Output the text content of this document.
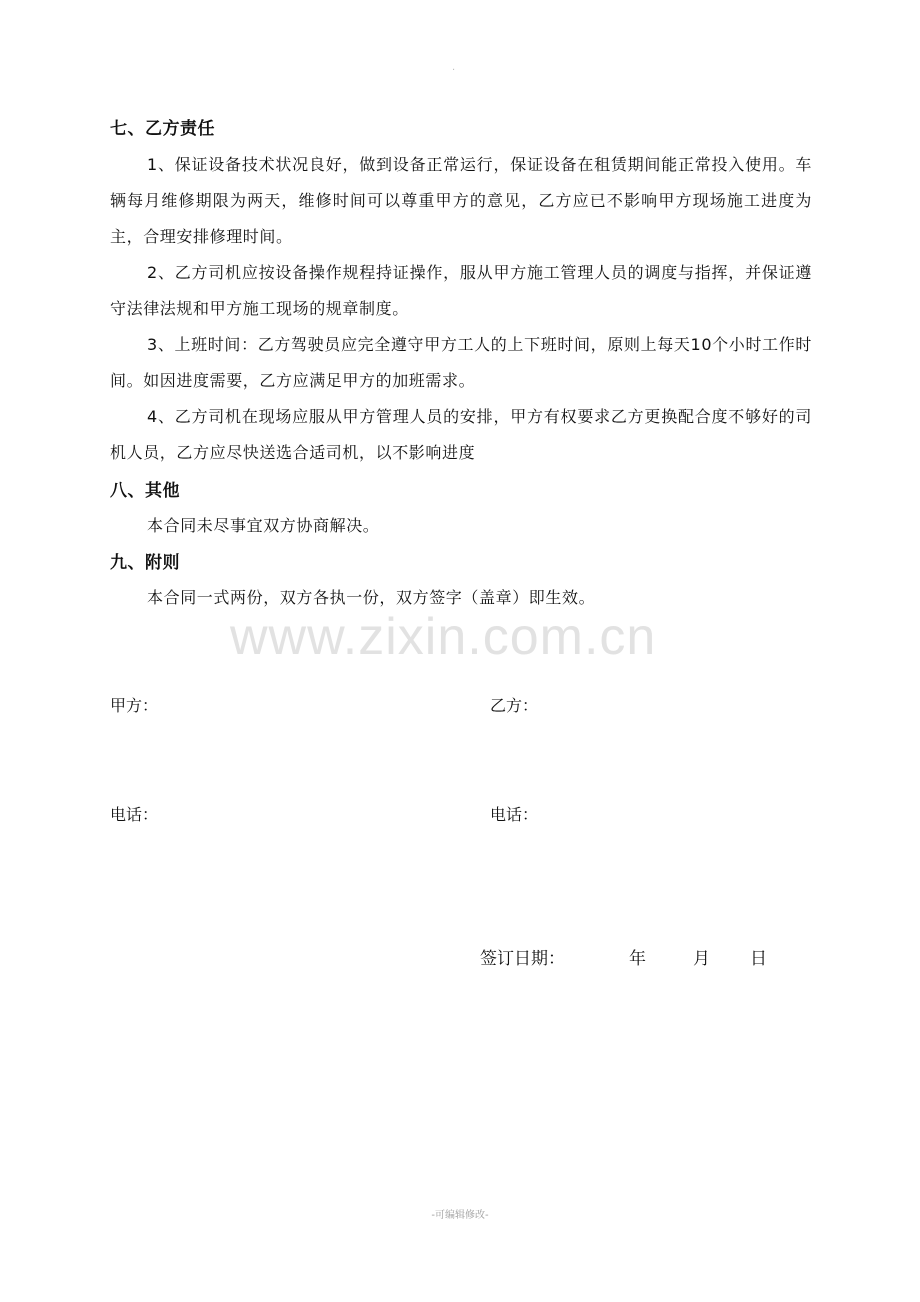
.
七、乙方责任
1、保证设备技术状况良好，做到设备正常运行，保证设备在租赁期间能正常投入使用。车辆每月维修期限为两天，维修时间可以尊重甲方的意见，乙方应已不影响甲方现场施工进度为主，合理安排修理时间。
2、乙方司机应按设备操作规程持证操作，服从甲方施工管理人员的调度与指挥，并保证遵守法律法规和甲方施工现场的规章制度。
3、上班时间：乙方驾驶员应完全遵守甲方工人的上下班时间，原则上每天10个小时工作时间。如因进度需要，乙方应满足甲方的加班需求。
4、乙方司机在现场应服从甲方管理人员的安排，甲方有权要求乙方更换配合度不够好的司机人员，乙方应尽快送选合适司机，以不影响进度
八、其他
本合同未尽事宜双方协商解决。
九、附则
本合同一式两份，双方各执一份，双方签字（盖章）即生效。
www.zixin.com.cn
甲方：	乙方：
电话：	电话：
签订日期：	年	月 日
-可编辑修改-
